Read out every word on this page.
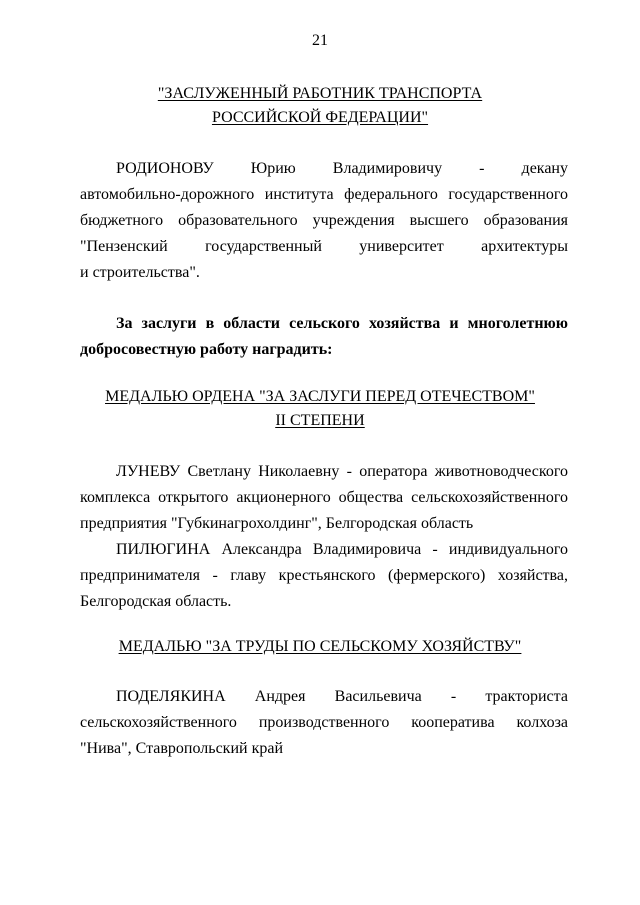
21
"ЗАСЛУЖЕННЫЙ РАБОТНИК ТРАНСПОРТА
РОССИЙСКОЙ ФЕДЕРАЦИИ"
РОДИОНОВУ Юрию Владимировичу - декану
автомобильно-дорожного института федерального государственного
бюджетного образовательного учреждения высшего образования
"Пензенский государственный университет архитектуры
и строительства".
За заслуги в области сельского хозяйства и многолетнюю
добросовестную работу наградить:
МЕДАЛЬЮ ОРДЕНА "ЗА ЗАСЛУГИ ПЕРЕД ОТЕЧЕСТВОМ"
II СТЕПЕНИ
ЛУНЕВУ Светлану Николаевну - оператора животноводческого
комплекса открытого акционерного общества сельскохозяйственного
предприятия "Губкинагрохолдинг", Белгородская область
ПИЛЮГИНА Александра Владимировича - индивидуального
предпринимателя - главу крестьянского (фермерского) хозяйства,
Белгородская область.
МЕДАЛЬЮ "ЗА ТРУДЫ ПО СЕЛЬСКОМУ ХОЗЯЙСТВУ"
ПОДЕЛЯКИНА Андрея Васильевича - тракториста
сельскохозяйственного производственного кооператива колхоза
"Нива", Ставропольский край
